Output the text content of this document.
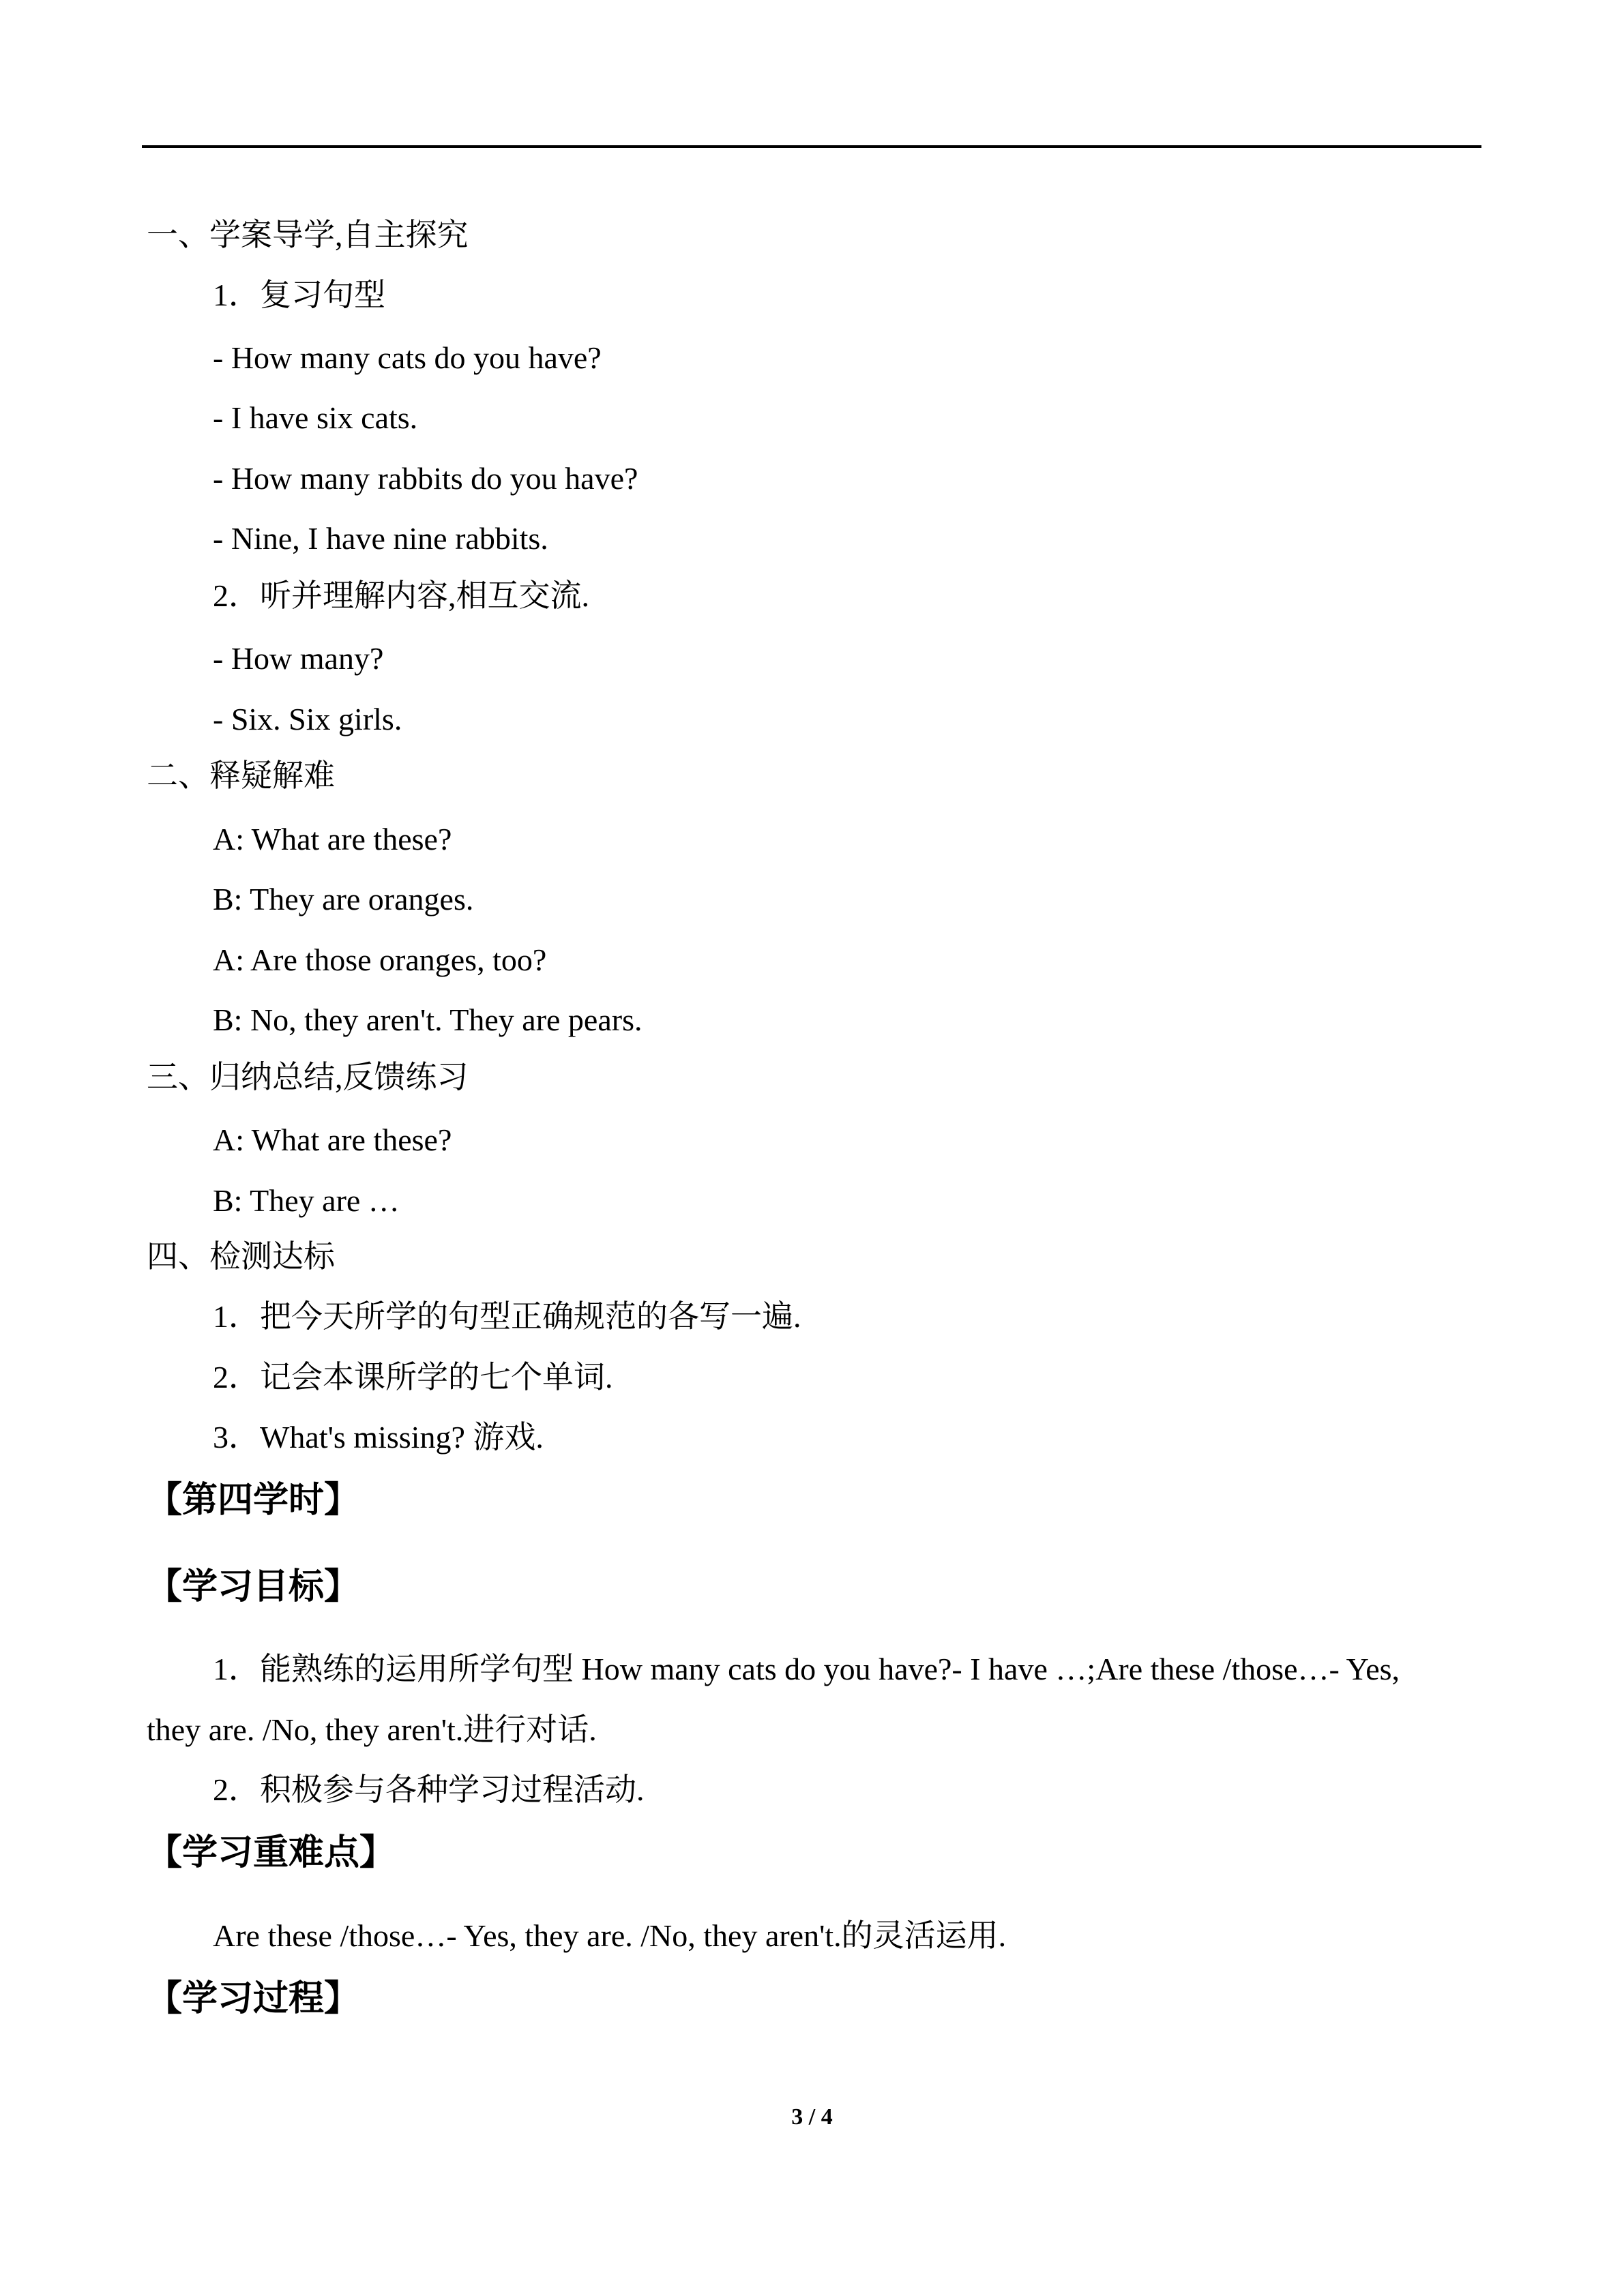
一、学案导学,自主探究

1．复习句型

- How many cats do you have?

- I have six cats.

- How many rabbits do you have?

- Nine, I have nine rabbits.

2．听并理解内容,相互交流.

- How many?

- Six. Six girls.

二、释疑解难

A: What are these?

B: They are oranges.

A: Are those oranges, too?

B: No, they aren't. They are pears.

三、归纳总结,反馈练习

A: What are these?

B: They are …

四、检测达标

1．把今天所学的句型正确规范的各写一遍.

2．记会本课所学的七个单词.

3．What's missing? 游戏.

【第四学时】

【学习目标】

1．能熟练的运用所学句型 How many cats do you have?- I have …;Are these /those…- Yes,

they are. /No, they aren't.进行对话.

2．积极参与各种学习过程活动.

【学习重难点】

Are these /those…- Yes, they are. /No, they aren't.的灵活运用.

【学习过程】

3 / 4
